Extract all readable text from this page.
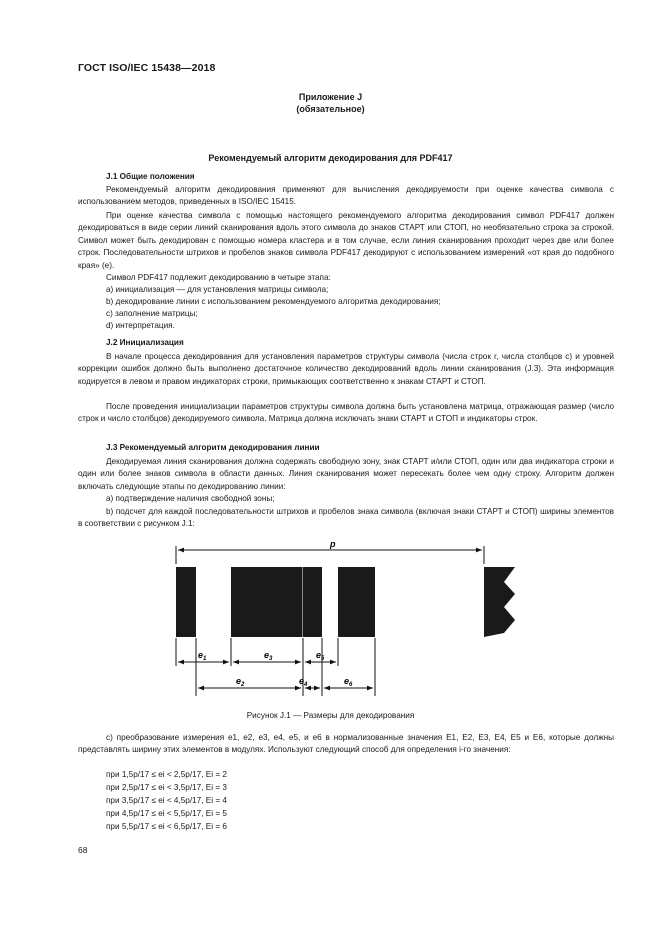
ГОСТ ISO/IEC 15438—2018
Приложение J
(обязательное)
Рекомендуемый алгоритм декодирования для PDF417
J.1 Общие положения
Рекомендуемый алгоритм декодирования применяют для вычисления декодируемости при оценке качества символа с использованием методов, приведенных в ISO/IEC 15415.
При оценке качества символа с помощью настоящего рекомендуемого алгоритма декодирования символ PDF417 должен декодироваться в виде серии линий сканирования вдоль этого символа до знаков СТАРТ или СТОП, но необязательно строка за строкой. Символ может быть декодирован с помощью номера кластера и в том случае, если линия сканирования проходит через две или более строк. Последовательности штрихов и пробелов знаков символа PDF417 декодируют с использованием измерений «от края до подобного края» (е).
Символ PDF417 подлежит декодированию в четыре этапа:
a) инициализация — для установления матрицы символа;
b) декодирование линии с использованием рекомендуемого алгоритма декодирования;
c) заполнение матрицы;
d) интерпретация.
J.2 Инициализация
В начале процесса декодирования для установления параметров структуры символа (числа строк r, числа столбцов c) и уровней коррекции ошибок должно быть выполнено достаточное количество декодирований вдоль линии сканирования (J.3). Эта информация кодируется в левом и правом индикаторах строки, примыкающих соответственно к знакам СТАРТ и СТОП.
После проведения инициализации параметров структуры символа должна быть установлена матрица, отражающая размер (число строк и число столбцов) декодируемого символа. Матрица должна исключать знаки СТАРТ и СТОП и индикаторы строк.
J.3 Рекомендуемый алгоритм декодирования линии
Декодируемая линия сканирования должна содержать свободную зону, знак СТАРТ и/или СТОП, один или два индикатора строки и один или более знаков символа в области данных. Линия сканирования может пересекать более чем одну строку. Алгоритм должен включать следующие этапы по декодированию линии:
a) подтверждение наличия свободной зоны;
b) подсчет для каждой последовательности штрихов и пробелов знака символа (включая знаки СТАРТ и СТОП) ширины элементов в соответствии с рисунком J.1:
p
$e_1$	$e_3$	$e_5$
$e_2$	$e_4$	$e_6$
Рисунок J.1 — Размеры для декодирования
c) преобразование измерения e1, e2, e3, e4, e5, и e6 в нормализованные значения E1, E2, E3, E4, E5 и E6, которые должны представлять ширину этих элементов в модулях. Используют следующий способ для определения i-го значения:
при 1,5p/17 ≤ ei < 2,5p/17, Ei = 2
при 2,5p/17 ≤ ei < 3,5p/17, Ei = 3
при 3,5p/17 ≤ ei < 4,5p/17, Ei = 4
при 4,5p/17 ≤ ei < 5,5p/17, Ei = 5
при 5,5p/17 ≤ ei < 6,5p/17, Ei = 6
68
